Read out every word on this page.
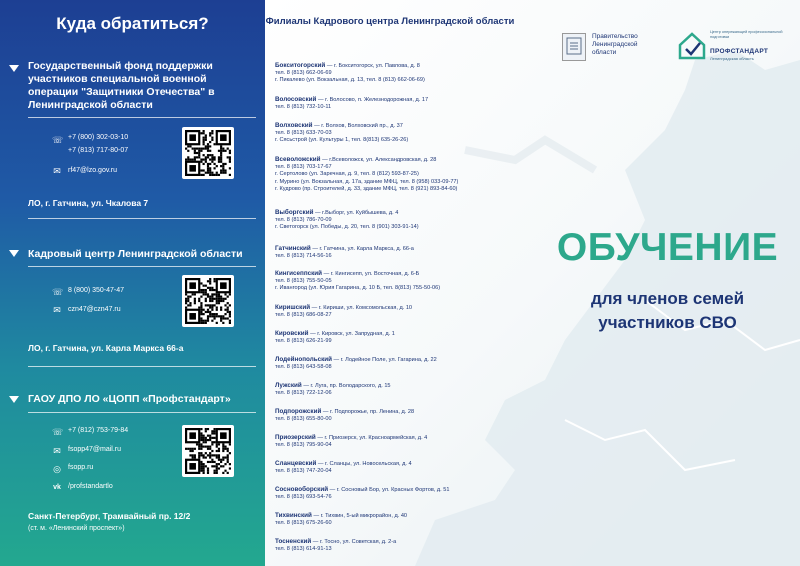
Куда обратиться?
Государственный фонд поддержки участников специальной военной операции "Защитники Отечества" в Ленинградской области
☏ +7 (800) 302-03-10
+7 (813) 717-80-07
✉ rf47@lzo.gov.ru
ЛО, г. Гатчина, ул. Чкалова 7
Кадровый центр Ленинградской области
☏ 8 (800) 350-47-47
✉ czn47@czn47.ru
ЛО, г. Гатчина, ул. Карла Маркса 66-а
ГАОУ ДПО ЛО «ЦОПП «Профстандарт»
☏ +7 (812) 753-79-84
✉ fsopp47@mail.ru
◎ fsopp.ru
vk /profstandartlo
Санкт-Петербург, Трамвайный пр. 12/2
(ст. м. «Ленинский проспект»)
Филиалы Кадрового центра Ленинградской области
Бокситогорский — г. Бокситогорск, ул. Павлова, д. 8
тел. 8 (813) 662-06-69
г. Пикалево (ул. Вокзальная, д. 13, тел. 8 (813) 662-06-69)
Волосовский — г. Волосово, п. Железнодорожная, д. 17
тел. 8 (813) 732-10-11
Волховский — г. Волхов, Волховский пр., д. 37
тел. 8 (813) 633-70-03
г. Сясьстрой (ул. Культуры 1, тел. 8(813) 635-26-26)
Всеволожский — г.Всеволожск, ул. Александровская, д. 28
тел. 8 (813) 703-17-67
г. Сертолово (ул. Заречная, д. 9, тел. 8 (812) 593-87-25)
г. Мурино (ул. Вокзальная, д. 17а, здание МФЦ, тел. 8 (958) 033-09-77)
г. Кудрово (пр. Строителей, д. 33, здание МФЦ, тел. 8 (921) 893-84-60)
Выборгский — г.Выборг, ул. Куйбышева, д. 4
тел. 8 (813) 786-70-09
г. Светогорск (ул. Победы, д. 20, тел. 8 (901) 303-91-14)
Гатчинский — г. Гатчина, ул. Карла Маркса, д. 66-а
тел. 8 (813) 714-56-16
Кингисеппский — г. Кингисепп, ул. Восточная, д. 6-Б
тел. 8 (813) 755-50-05
г. Ивангород (ул. Юрия Гагарина, д. 10 Б, тел. 8(813) 755-50-06)
Киришский — г. Кириши, ул. Комсомольская, д. 10
тел. 8 (813) 686-08-27
Кировский — г. Кировск, ул. Запрудная, д. 1
тел. 8 (813) 626-21-99
Лодейнопольский — г. Лодейное Поле, ул. Гагарина, д. 22
тел. 8 (813) 643-58-08
Лужский — г. Луга, пр. Володарского, д. 15
тел. 8 (813) 722-12-06
Подпорожский — г. Подпорожье, пр. Ленина, д. 28
тел. 8 (813) 655-80-00
Приозерский — г. Приозерск, ул. Красноармейская, д. 4
тел. 8 (813) 795-90-04
Сланцевский — г. Сланцы, ул. Новосельская, д. 4
тел. 8 (813) 747-20-04
Сосновоборский — г. Сосновый Бор, ул. Красных Фортов, д. 51
тел. 8 (813) 693-54-76
Тихвинский — г. Тихвин, 5-ый микрорайон, д. 40
тел. 8 (813) 675-26-60
Тосненский — г. Тосно, ул. Советская, д. 2-а
тел. 8 (813) 614-91-13
Правительство Ленинградской области
Центр опережающей профессиональной подготовки
ПРОФСТАНДАРТ
Ленинградская область
ОБУЧЕНИЕ
для членов семей участников СВО
